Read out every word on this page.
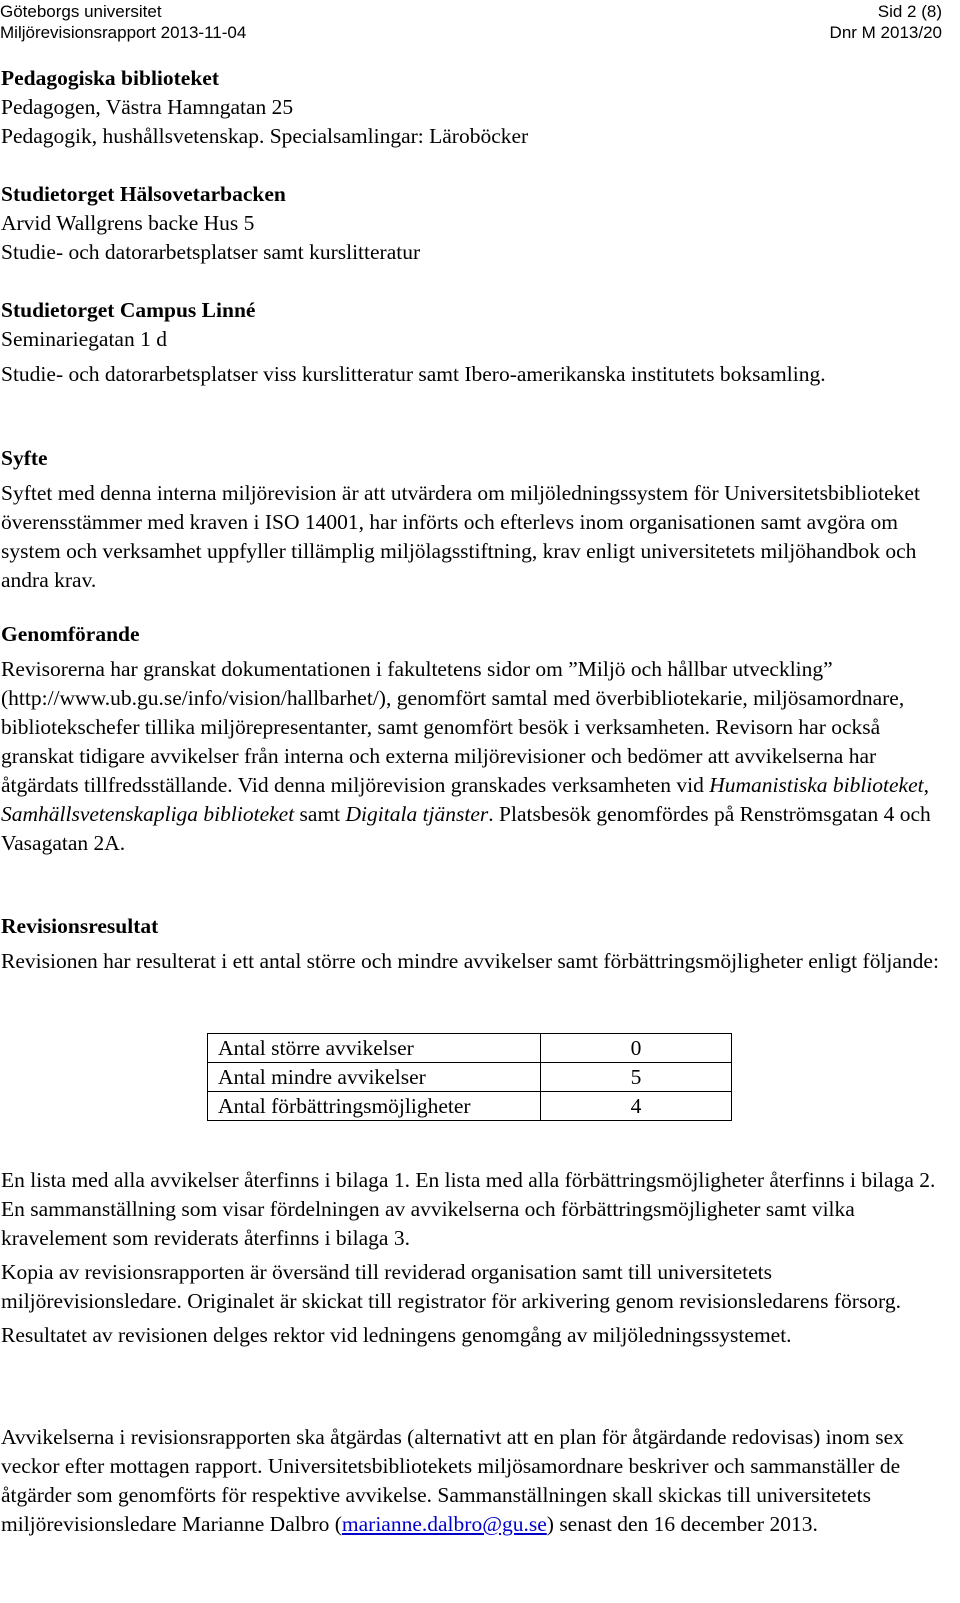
Göteborgs universitet	Sid 2 (8)
Miljörevisionsrapport 2013-11-04	Dnr M 2013/20
Pedagogiska biblioteket
Pedagogen, Västra Hamngatan 25
Pedagogik, hushållsvetenskap. Specialsamlingar: Läroböcker
Studietorget Hälsovetarbacken
Arvid Wallgrens backe Hus 5
Studie- och datorarbetsplatser samt kurslitteratur
Studietorget Campus Linné
Seminariegatan 1 d
Studie- och datorarbetsplatser viss kurslitteratur samt Ibero-amerikanska institutets boksamling.
Syfte

Syftet med denna interna miljörevision är att utvärdera om miljöledningssystem för Universitetsbiblioteket överensstämmer med kraven i ISO 14001, har införts och efterlevs inom organisationen samt avgöra om system och verksamhet uppfyller tillämplig miljölagsstiftning, krav enligt universitetets miljöhandbok och andra krav.

Genomförande

Revisorerna har granskat dokumentationen i fakultetens sidor om ”Miljö och hållbar utveckling” (http://www.ub.gu.se/info/vision/hallbarhet/), genomfört samtal med överbibliotekarie, miljösamordnare, bibliotekschefer tillika miljörepresentanter, samt genomfört besök i verksamheten. Revisorn har också granskat tidigare avvikelser från interna och externa miljörevisioner och bedömer att avvikelserna har åtgärdats tillfredsställande. Vid denna miljörevision granskades verksamheten vid Humanistiska biblioteket, Samhällsvetenskapliga biblioteket samt Digitala tjänster. Platsbesök genomfördes på Renströmsgatan 4 och Vasagatan 2A.

Revisionsresultat

Revisionen har resulterat i ett antal större och mindre avvikelser samt förbättringsmöjligheter enligt följande:

Antal större avvikelser	0
Antal mindre avvikelser	5
Antal förbättringsmöjligheter	4

En lista med alla avvikelser återfinns i bilaga 1. En lista med alla förbättringsmöjligheter återfinns i bilaga 2. En sammanställning som visar fördelningen av avvikelserna och förbättringsmöjligheter samt vilka kravelement som reviderats återfinns i bilaga 3.

Kopia av revisionsrapporten är översänd till reviderad organisation samt till universitetets miljörevisionsledare. Originalet är skickat till registrator för arkivering genom revisionsledarens försorg.

Resultatet av revisionen delges rektor vid ledningens genomgång av miljöledningssystemet.

Avvikelserna i revisionsrapporten ska åtgärdas (alternativt att en plan för åtgärdande redovisas) inom sex veckor efter mottagen rapport. Universitetsbibliotekets miljösamordnare beskriver och sammanställer de åtgärder som genomförts för respektive avvikelse. Sammanställningen skall skickas till universitetets miljörevisionsledare Marianne Dalbro (marianne.dalbro@gu.se) senast den 16 december 2013.
